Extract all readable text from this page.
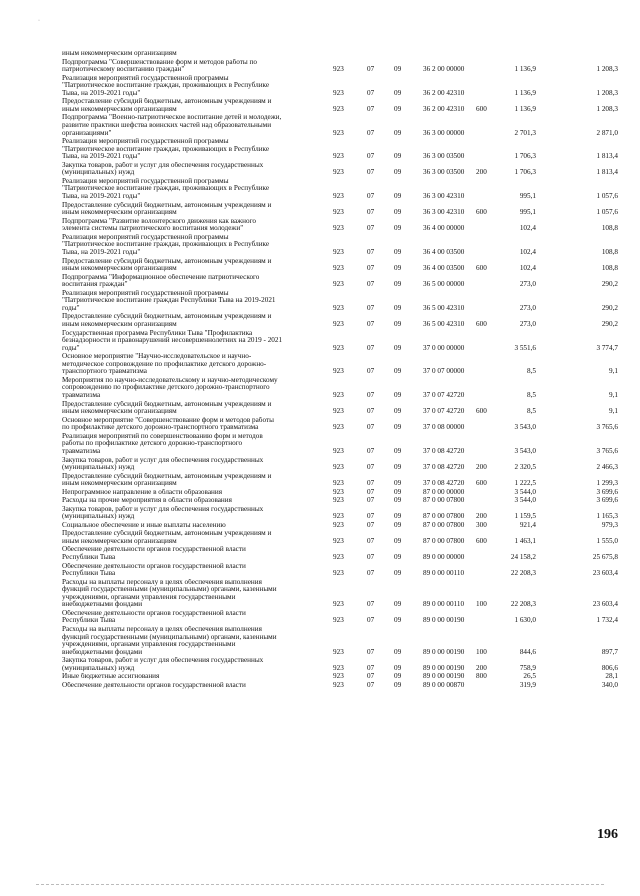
·
иным некоммерческим организациям
Подпрограмма "Совершенствование форм и методов работы по
патриотическому воспитанию граждан"	923	07	09	36 2 00 00000	1 136,9	1 208,3
Реализация мероприятий государственной программы
"Патриотическое воспитание граждан, проживающих в Республике
Тыва, на 2019-2021 годы"	923	07	09	36 2 00 42310	1 136,9	1 208,3
Предоставление субсидий бюджетным, автономным учреждениям и
иным некоммерческим организациям	923	07	09	36 2 00 42310 600	1 136,9	1 208,3
Подпрограмма "Военно-патриотическое воспитание детей и молодежи,
развитие практики шефства воинских частей над образовательными
организациями"	923	07	09	36 3 00 00000	2 701,3	2 871,0
Реализация мероприятий государственной программы
"Патриотическое воспитание граждан, проживающих в Республике
Тыва, на 2019-2021 годы"	923	07	09	36 3 00 03500	1 706,3	1 813,4
Закупка товаров, работ и услуг для обеспечения государственных
(муниципальных) нужд	923	07	09	36 3 00 03500 200	1 706,3	1 813,4
Реализация мероприятий государственной программы
"Патриотическое воспитание граждан, проживающих в Республике
Тыва, на 2019-2021 годы"	923	07	09	36 3 00 42310	995,1	1 057,6
Предоставление субсидий бюджетным, автономным учреждениям и
иным некоммерческим организациям	923	07	09	36 3 00 42310 600	995,1	1 057,6
Подпрограмма "Развитие волонтерского движения как важного
элемента системы патриотического воспитания молодежи"	923	07	09	36 4 00 00000	102,4	108,8
Реализация мероприятий государственной программы
"Патриотическое воспитание граждан, проживающих в Республике
Тыва, на 2019-2021 годы"	923	07	09	36 4 00 03500	102,4	108,8
Предоставление субсидий бюджетным, автономным учреждениям и
иным некоммерческим организациям	923	07	09	36 4 00 03500 600	102,4	108,8
Подпрограмма "Информационное обеспечение патриотического
воспитания граждан"	923	07	09	36 5 00 00000	273,0	290,2
Реализация мероприятий государственной программы
"Патриотическое воспитание граждан Республики Тыва на 2019-2021
годы"	923	07	09	36 5 00 42310	273,0	290,2
Предоставление субсидий бюджетным, автономным учреждениям и
иным некоммерческим организациям	923	07	09	36 5 00 42310 600	273,0	290,2
Государственная программа Республики Тыва "Профилактика
безнадзорности и правонарушений несовершеннолетних на 2019 - 2021
годы"	923	07	09	37 0 00 00000	3 551,6	3 774,7
Основное мероприятие "Научно-исследовательское и научно-
методическое сопровождение по профилактике детского дорожно-
транспортного травматизма	923	07	09	37 0 07 00000	8,5	9,1
Мероприятия по научно-исследовательскому и научно-методическому
сопровождению по профилактике детского дорожно-транспортного
травматизма	923	07	09	37 0 07 42720	8,5	9,1
Предоставление субсидий бюджетным, автономным учреждениям и
иным некоммерческим организациям	923	07	09	37 0 07 42720 600	8,5	9,1
Основное мероприятие "Совершенствование форм и методов работы
по профилактике детского дорожно-транспортного травматизма	923	07	09	37 0 08 00000	3 543,0	3 765,6
Реализация мероприятий по совершенствованию форм и методов
работы по профилактике детского дорожно-транспортного
травматизма	923	07	09	37 0 08 42720	3 543,0	3 765,6
Закупка товаров, работ и услуг для обеспечения государственных
(муниципальных) нужд	923	07	09	37 0 08 42720 200	2 320,5	2 466,3
Предоставление субсидий бюджетным, автономным учреждениям и
иным некоммерческим организациям	923	07	09	37 0 08 42720 600	1 222,5	1 299,3
Непрограммное направление в области образования	923	07	09	87 0 00 00000	3 544,0	3 699,6
Расходы на прочие мероприятия в области образования	923	07	09	87 0 00 07800	3 544,0	3 699,6
Закупка товаров, работ и услуг для обеспечения государственных
(муниципальных) нужд	923	07	09	87 0 00 07800 200	1 159,5	1 165,3
Социальное обеспечение и иные выплаты населению	923	07	09	87 0 00 07800 300	921,4	979,3
Предоставление субсидий бюджетным, автономным учреждениям и
иным некоммерческим организациям	923	07	09	87 0 00 07800 600	1 463,1	1 555,0
Обеспечение деятельности органов государственной власти
Республики Тыва	923	07	09	89 0 00 00000	24 158,2	25 675,8
Обеспечение деятельности органов государственной власти
Республики Тыва	923	07	09	89 0 00 00110	22 208,3	23 603,4
Расходы на выплаты персоналу в целях обеспечения выполнения
функций государственными (муниципальными) органами, казенными
учреждениями, органами управления государственными
внебюджетными фондами	923	07	09	89 0 00 00110 100	22 208,3	23 603,4
Обеспечение деятельности органов государственной власти
Республики Тыва	923	07	09	89 0 00 00190	1 630,0	1 732,4
Расходы на выплаты персоналу в целях обеспечения выполнения
функций государственными (муниципальными) органами, казенными
учреждениями, органами управления государственными
внебюджетными фондами	923	07	09	89 0 00 00190 100	844,6	897,7
Закупка товаров, работ и услуг для обеспечения государственных
(муниципальных) нужд	923	07	09	89 0 00 00190 200	758,9	806,6
Иные бюджетные ассигнования	923	07	09	89 0 00 00190 800	26,5	28,1
Обеспечение деятельности органов государственной власти	923	07	09	89 0 00 00870	319,9	340,0
196
